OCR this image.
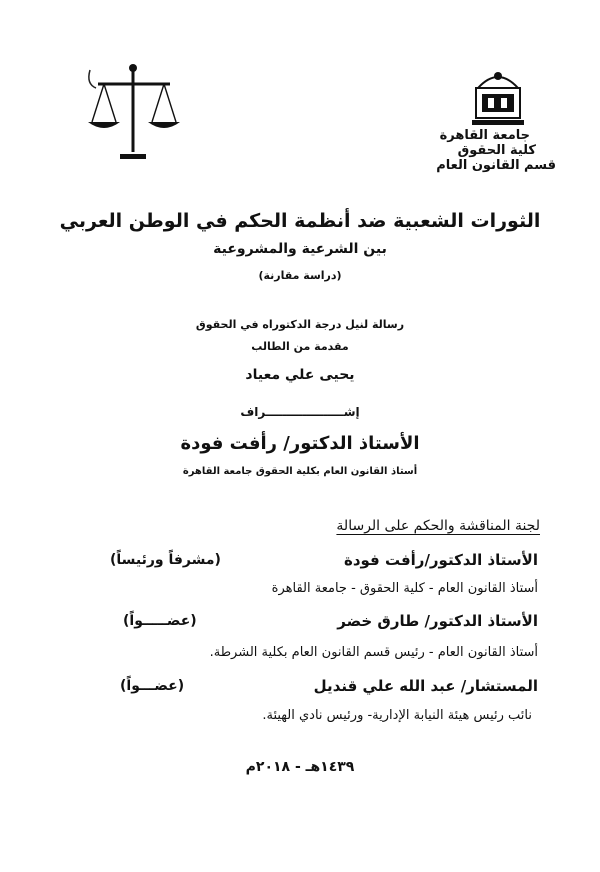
جامعة القاهرة
كلية الحقوق
قسم القانون العام
الثورات الشعبية ضد أنظمة الحكم في الوطن العربي
بين الشرعية والمشروعية
(دراسة مقارنة)
رسالة لنيل درجة الدكتوراه في الحقوق
مقدمة من الطالب
يحيى علي معياد
إشـــــــــــــــــــراف
الأستاذ الدكتور/ رأفت فودة
أستاذ القانون العام بكلية الحقوق جامعة القاهرة
لجنة المناقشة والحكم على الرسالة
الأستاذ الدكتور/رأفت فودة
(مشرفاً ورئيساً)
أستاذ القانون العام - كلية الحقوق - جامعة القاهرة
الأستاذ الدكتور/ طارق خضر
(عضـــــواً)
أستاذ القانون العام - رئيس قسم القانون العام بكلية الشرطة.
المستشار/ عبد الله علي قنديل
(عضـــواً)
نائب رئيس هيئة النيابة الإدارية- ورئيس نادي الهيئة.
١٤٣٩هـ - ٢٠١٨م
